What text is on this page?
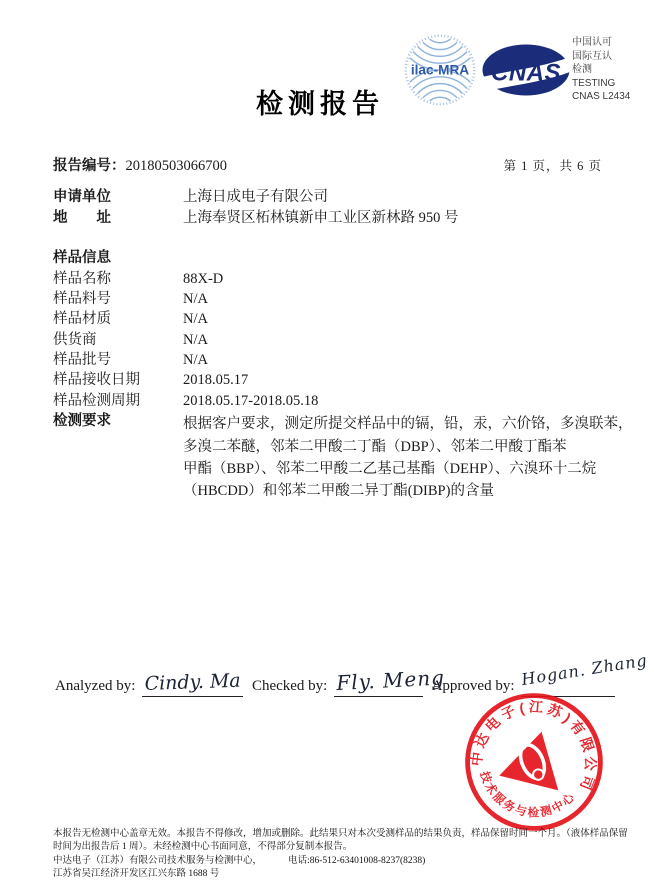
ilac-MRA CNAS
中国认可
国际互认
检测
TESTING
CNAS L2434
检测报告
报告编号：20180503066700	第 1 页，共 6 页
申请单位	上海日成电子有限公司
地　　址	上海奉贤区柘林镇新申工业区新林路 950 号
样品信息
样品名称	88X-D
样品料号	N/A
样品材质	N/A
供货商	N/A
样品批号	N/A
样品接收日期	2018.05.17
样品检测周期	2018.05.17-2018.05.18
检测要求	根据客户要求，测定所提交样品中的镉，铅，汞，六价铬，多溴联苯，
多溴二苯醚，邻苯二甲酸二丁酯（DBP）、邻苯二甲酸丁酯苯
甲酯（BBP）、邻苯二甲酸二乙基己基酯（DEHP）、六溴环十二烷
（HBCDD）和邻苯二甲酸二异丁酯(DIBP)的含量
Analyzed by: Cindy. Ma Checked by: Fly. Meng
Approved by: Hogan. Zhang
中达电子(江苏)有限公司
技术服务与检测中心
本报告无检测中心盖章无效。本报告不得修改，增加或删除。此结果只对本次受测样品的结果负责，样品保留时间一个月。（液体样品保留
时间为出报告后 1 周）。未经检测中心书面同意，不得部分复制本报告。
中达电子（江苏）有限公司技术服务与检测中心，　　　 电话:86-512-63401008-8237(8238)
江苏省吴江经济开发区江兴东路 1688 号
